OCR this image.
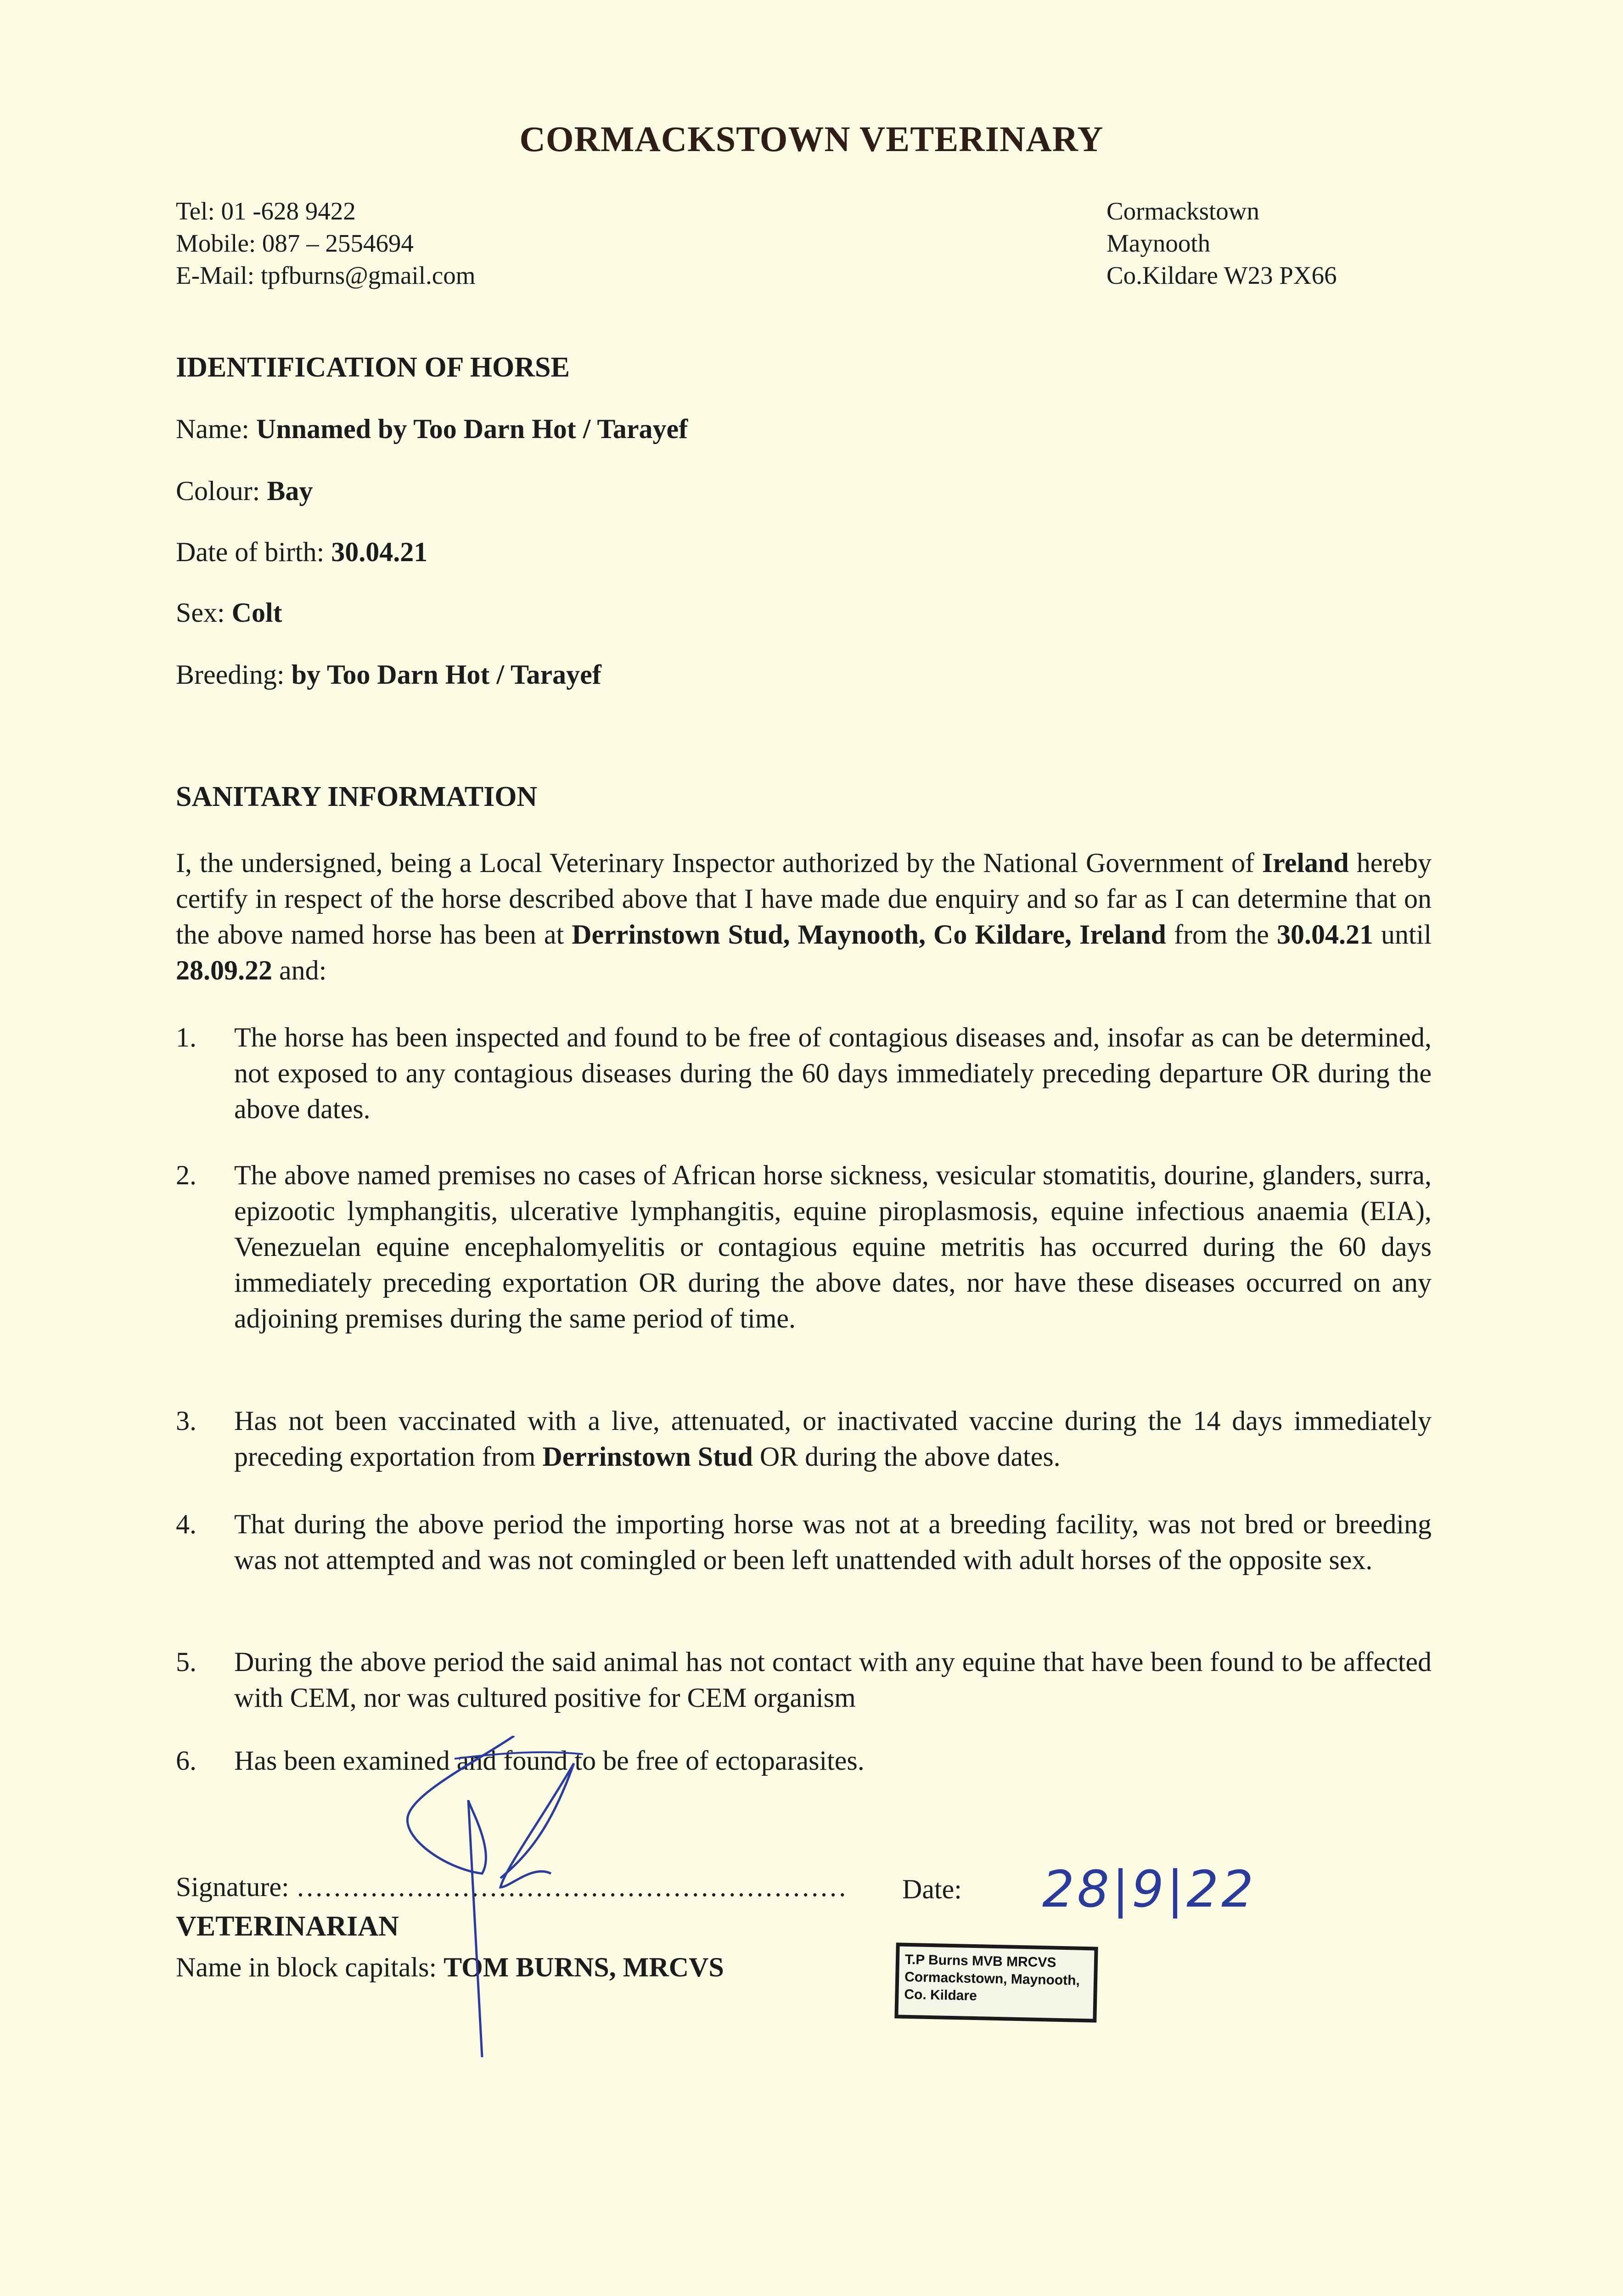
CORMACKSTOWN VETERINARY
Tel: 01 -628 9422
Mobile: 087 – 2554694
E-Mail: tpfburns@gmail.com
Cormackstown
Maynooth
Co.Kildare W23 PX66
IDENTIFICATION OF HORSE
Name: Unnamed by Too Darn Hot / Tarayef
Colour: Bay
Date of birth: 30.04.21
Sex: Colt
Breeding: by Too Darn Hot / Tarayef
SANITARY INFORMATION
I, the undersigned, being a Local Veterinary Inspector authorized by the National Government of Ireland hereby certify in respect of the horse described above that I have made due enquiry and so far as I can determine that on the above named horse has been at Derrinstown Stud, Maynooth, Co Kildare, Ireland from the 30.04.21 until 28.09.22 and:
1. The horse has been inspected and found to be free of contagious diseases and, insofar as can be determined, not exposed to any contagious diseases during the 60 days immediately preceding departure OR during the above dates.
2. The above named premises no cases of African horse sickness, vesicular stomatitis, dourine, glanders, surra, epizootic lymphangitis, ulcerative lymphangitis, equine piroplasmosis, equine infectious anaemia (EIA), Venezuelan equine encephalomyelitis or contagious equine metritis has occurred during the 60 days immediately preceding exportation OR during the above dates, nor have these diseases occurred on any adjoining premises during the same period of time.
3. Has not been vaccinated with a live, attenuated, or inactivated vaccine during the 14 days immediately preceding exportation from Derrinstown Stud OR during the above dates.
4. That during the above period the importing horse was not at a breeding facility, was not bred or breeding was not attempted and was not comingled or been left unattended with adult horses of the opposite sex.
5. During the above period the said animal has not contact with any equine that have been found to be affected with CEM, nor was cultured positive for CEM organism
6. Has been examined and found to be free of ectoparasites.
Signature: ……………………………………………………
VETERINARIAN
Name in block capitals: TOM BURNS, MRCVS
Date: 28|9|22
T.P Burns MVB MRCVS
Cormackstown, Maynooth,
Co. Kildare
